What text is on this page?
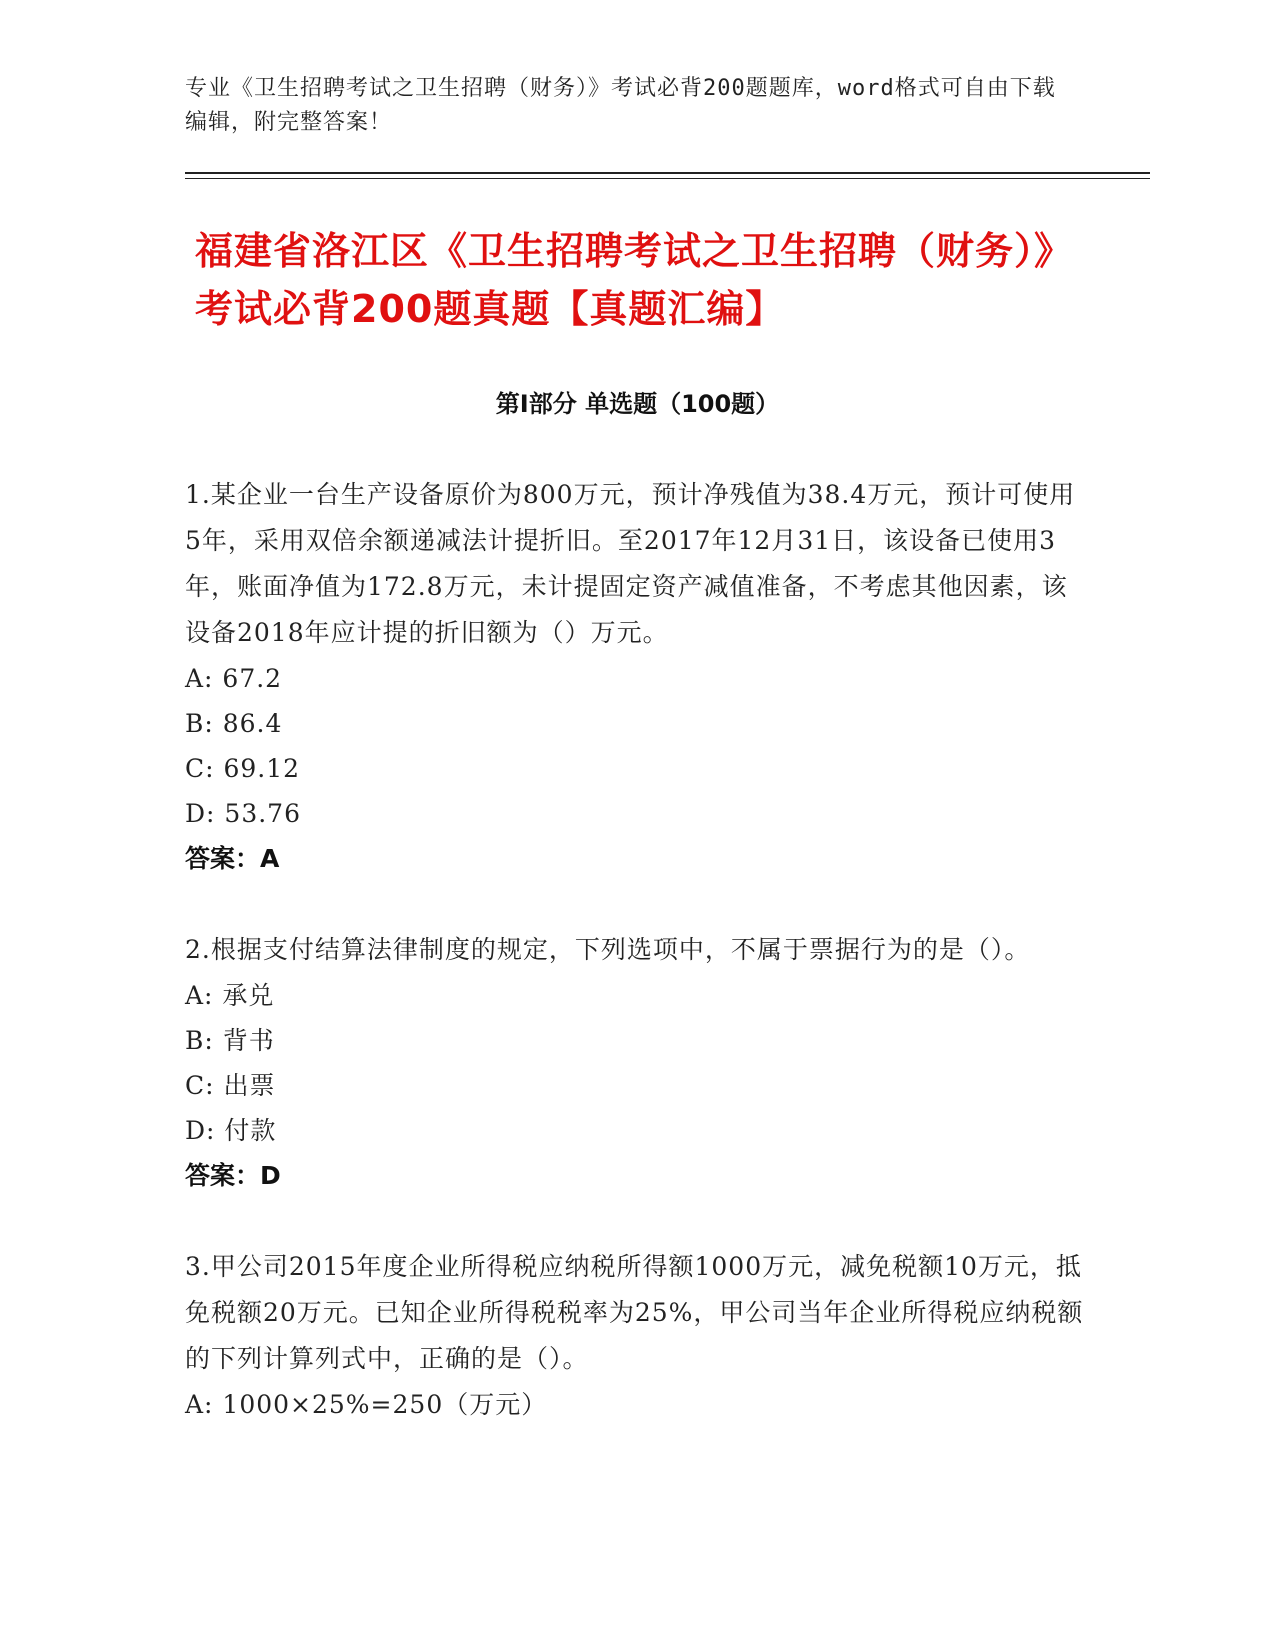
专业《卫生招聘考试之卫生招聘（财务）》考试必背200题题库，word格式可自由下载编辑，附完整答案！
福建省洛江区《卫生招聘考试之卫生招聘（财务）》考试必背200题真题【真题汇编】
第I部分 单选题（100题）
1.某企业一台生产设备原价为800万元，预计净残值为38.4万元，预计可使用5年，采用双倍余额递减法计提折旧。至2017年12月31日，该设备已使用3年，账面净值为172.8万元，未计提固定资产减值准备，不考虑其他因素，该设备2018年应计提的折旧额为（）万元。
A: 67.2
B: 86.4
C: 69.12
D: 53.76
答案：A
2.根据支付结算法律制度的规定，下列选项中，不属于票据行为的是（）。
A: 承兑
B: 背书
C: 出票
D: 付款
答案：D
3.甲公司2015年度企业所得税应纳税所得额1000万元，减免税额10万元，抵免税额20万元。已知企业所得税税率为25%，甲公司当年企业所得税应纳税额的下列计算列式中，正确的是（）。
A: 1000×25%=250（万元）
